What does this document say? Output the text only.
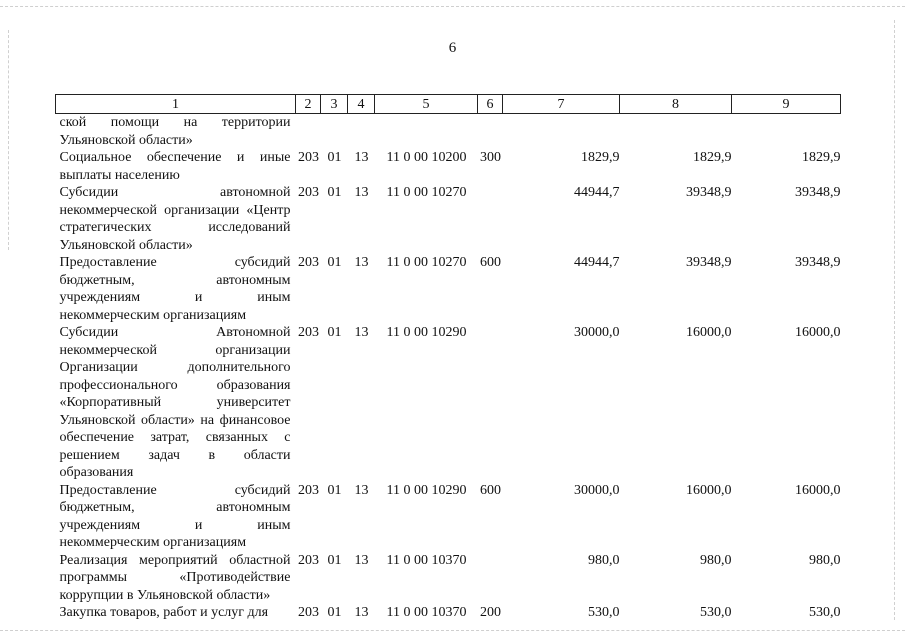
6
1	2	3	4	5	6	7	8	9
ской помощи на территории Ульяновской области»								
Социальное обеспечение и иные выплаты населению	203	01	13	11 0 00 10200	300	1829,9	1829,9	1829,9
Субсидии автономной некоммерческой организации «Центр стратегических исследований Ульяновской области»	203	01	13	11 0 00 10270		44944,7	39348,9	39348,9
Предоставление субсидий бюджетным, автономным учреждениям и иным некоммерческим организациям	203	01	13	11 0 00 10270	600	44944,7	39348,9	39348,9
Субсидии Автономной некоммерческой организации Организации дополнительного профессионального образования «Корпоративный университет Ульяновской области» на финансовое обеспечение затрат, связанных с решением задач в области образования	203	01	13	11 0 00 10290		30000,0	16000,0	16000,0
Предоставление субсидий бюджетным, автономным учреждениям и иным некоммерческим организациям	203	01	13	11 0 00 10290	600	30000,0	16000,0	16000,0
Реализация мероприятий областной программы «Противодействие коррупции в Ульяновской области»	203	01	13	11 0 00 10370		980,0	980,0	980,0
Закупка товаров, работ и услуг для	203	01	13	11 0 00 10370	200	530,0	530,0	530,0
